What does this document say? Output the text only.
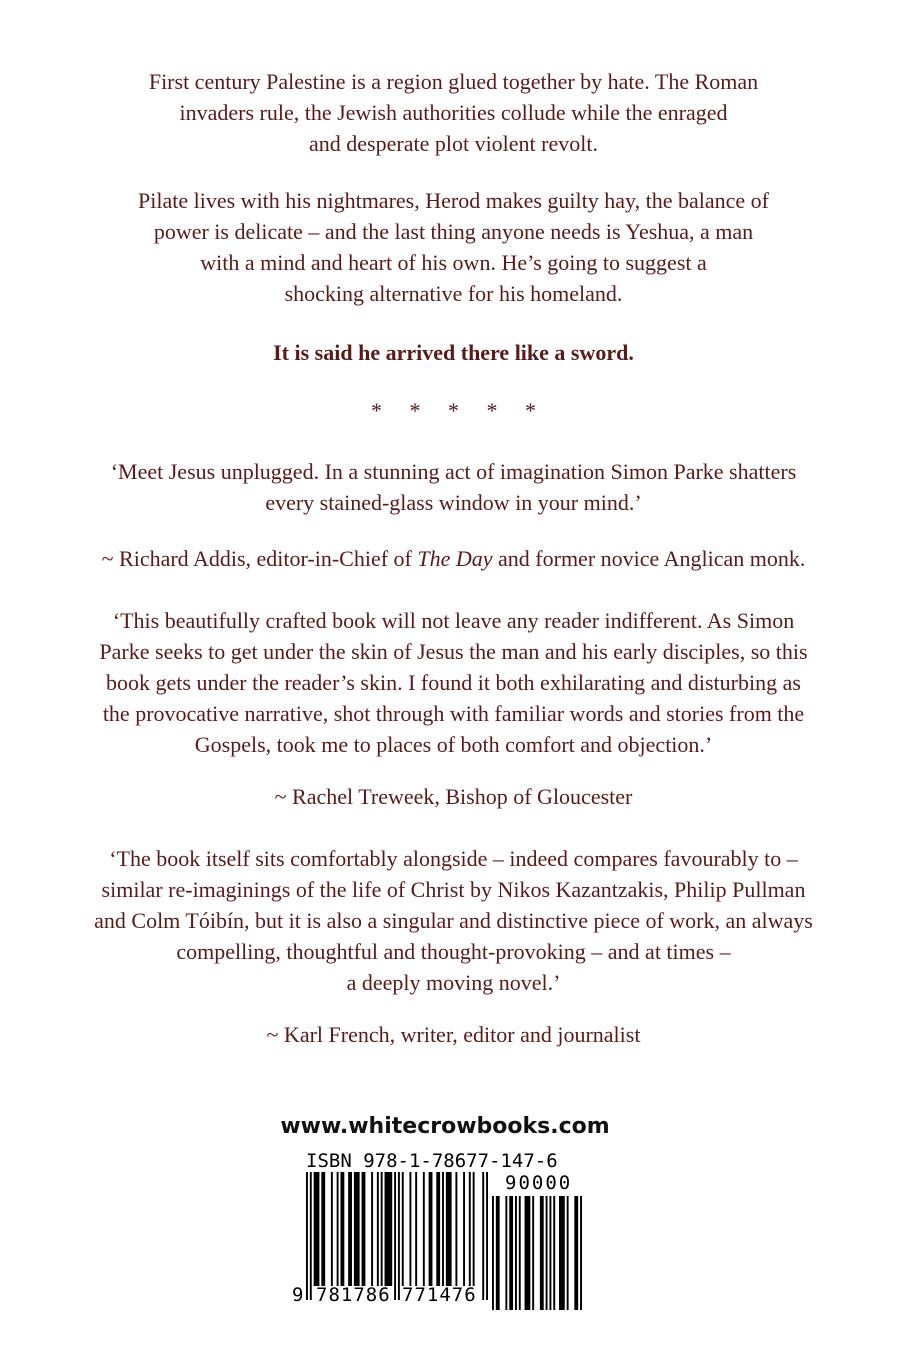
First century Palestine is a region glued together by hate. The Roman
invaders rule, the Jewish authorities collude while the enraged
and desperate plot violent revolt.
Pilate lives with his nightmares, Herod makes guilty hay, the balance of
power is delicate – and the last thing anyone needs is Yeshua, a man
with a mind and heart of his own. He’s going to suggest a
shocking alternative for his homeland.
It is said he arrived there like a sword.
*     *     *     *     *
‘Meet Jesus unplugged. In a stunning act of imagination Simon Parke shatters
every stained-glass window in your mind.’
~ Richard Addis, editor-in-Chief of The Day and former novice Anglican monk.
‘This beautifully crafted book will not leave any reader indifferent. As Simon
Parke seeks to get under the skin of Jesus the man and his early disciples, so this
book gets under the reader’s skin. I found it both exhilarating and disturbing as
the provocative narrative, shot through with familiar words and stories from the
Gospels, took me to places of both comfort and objection.’
~ Rachel Treweek, Bishop of Gloucester
‘The book itself sits comfortably alongside – indeed compares favourably to –
similar re-imaginings of the life of Christ by Nikos Kazantzakis, Philip Pullman
and Colm Tóibín, but it is also a singular and distinctive piece of work, an always
compelling, thoughtful and thought-provoking – and at times –
a deeply moving novel.’
~ Karl French, writer, editor and journalist
www.whitecrowbooks.com
ISBN 978-1-78677-147-6
90000
9 781786 771476
